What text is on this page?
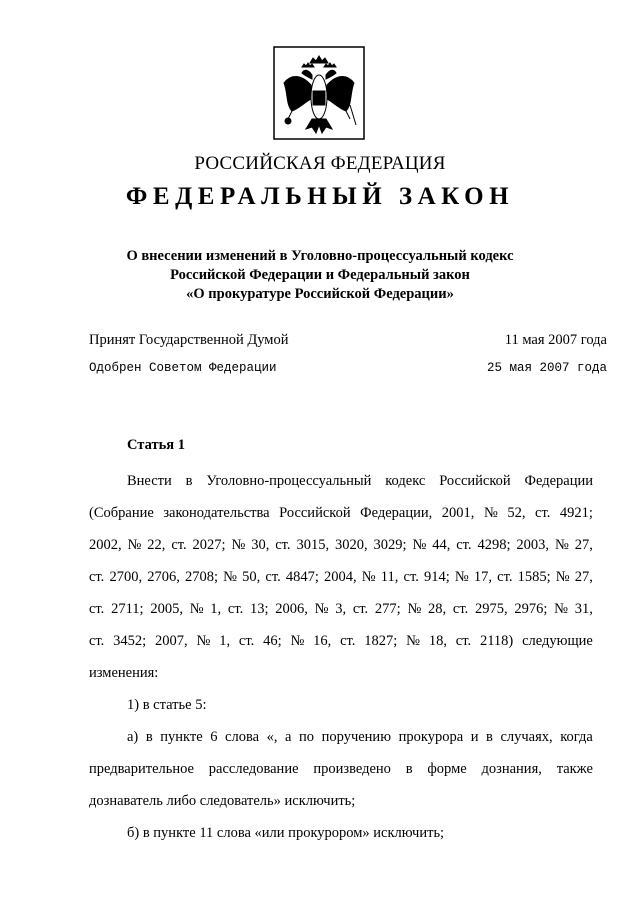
РОССИЙСКАЯ ФЕДЕРАЦИЯ
ФЕДЕРАЛЬНЫЙ ЗАКОН
О внесении изменений в Уголовно-процессуальный кодекс
Российской Федерации и Федеральный закон
«О прокуратуре Российской Федерации»
Принят Государственной Думой	11 мая 2007 года
Одобрен Советом Федерации	25 мая 2007 года
Статья 1
Внести в Уголовно-процессуальный кодекс Российской Федерации
(Собрание законодательства Российской Федерации, 2001, № 52, ст. 4921;
2002, № 22, ст. 2027; № 30, ст. 3015, 3020, 3029; № 44, ст. 4298; 2003, № 27,
ст. 2700, 2706, 2708; № 50, ст. 4847; 2004, № 11, ст. 914; № 17, ст. 1585; № 27,
ст. 2711; 2005, № 1, ст. 13; 2006, № 3, ст. 277; № 28, ст. 2975, 2976; № 31,
ст. 3452; 2007, № 1, ст. 46; № 16, ст. 1827; № 18, ст. 2118) следующие
изменения:
1) в статье 5:
а) в пункте 6 слова «, а по поручению прокурора и в случаях, когда
предварительное расследование произведено в форме дознания, также
дознаватель либо следователь» исключить;
б) в пункте 11 слова «или прокурором» исключить;
